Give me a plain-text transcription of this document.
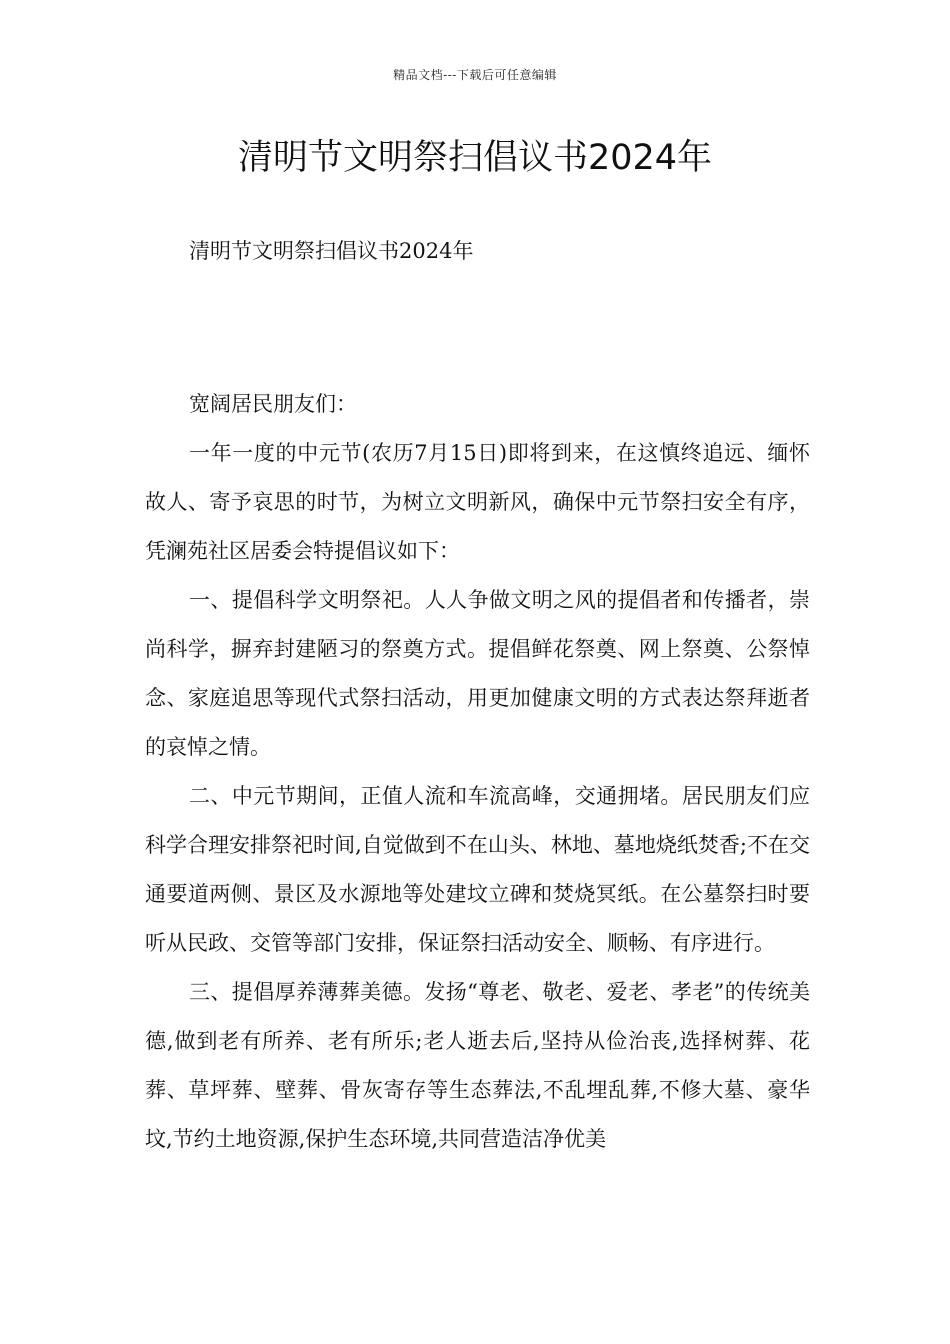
精品文档---下载后可任意编辑
清明节文明祭扫倡议书2024年

清明节文明祭扫倡议书2024年

宽阔居民朋友们：

一年一度的中元节(农历7月15日)即将到来，在这慎终追远、缅怀故人、寄予哀思的时节，为树立文明新风，确保中元节祭扫安全有序，凭澜苑社区居委会特提倡议如下：

一、提倡科学文明祭祀。人人争做文明之风的提倡者和传播者，崇尚科学，摒弃封建陋习的祭奠方式。提倡鲜花祭奠、网上祭奠、公祭悼念、家庭追思等现代式祭扫活动，用更加健康文明的方式表达祭拜逝者的哀悼之情。

二、中元节期间，正值人流和车流高峰，交通拥堵。居民朋友们应科学合理安排祭祀时间,自觉做到不在山头、林地、墓地烧纸焚香;不在交通要道两侧、景区及水源地等处建坟立碑和焚烧冥纸。在公墓祭扫时要听从民政、交管等部门安排，保证祭扫活动安全、顺畅、有序进行。

三、提倡厚养薄葬美德。发扬“尊老、敬老、爱老、孝老”的传统美德,做到老有所养、老有所乐;老人逝去后,坚持从俭治丧,选择树葬、花葬、草坪葬、壁葬、骨灰寄存等生态葬法,不乱埋乱葬,不修大墓、豪华坟,节约土地资源,保护生态环境,共同营造洁净优美
